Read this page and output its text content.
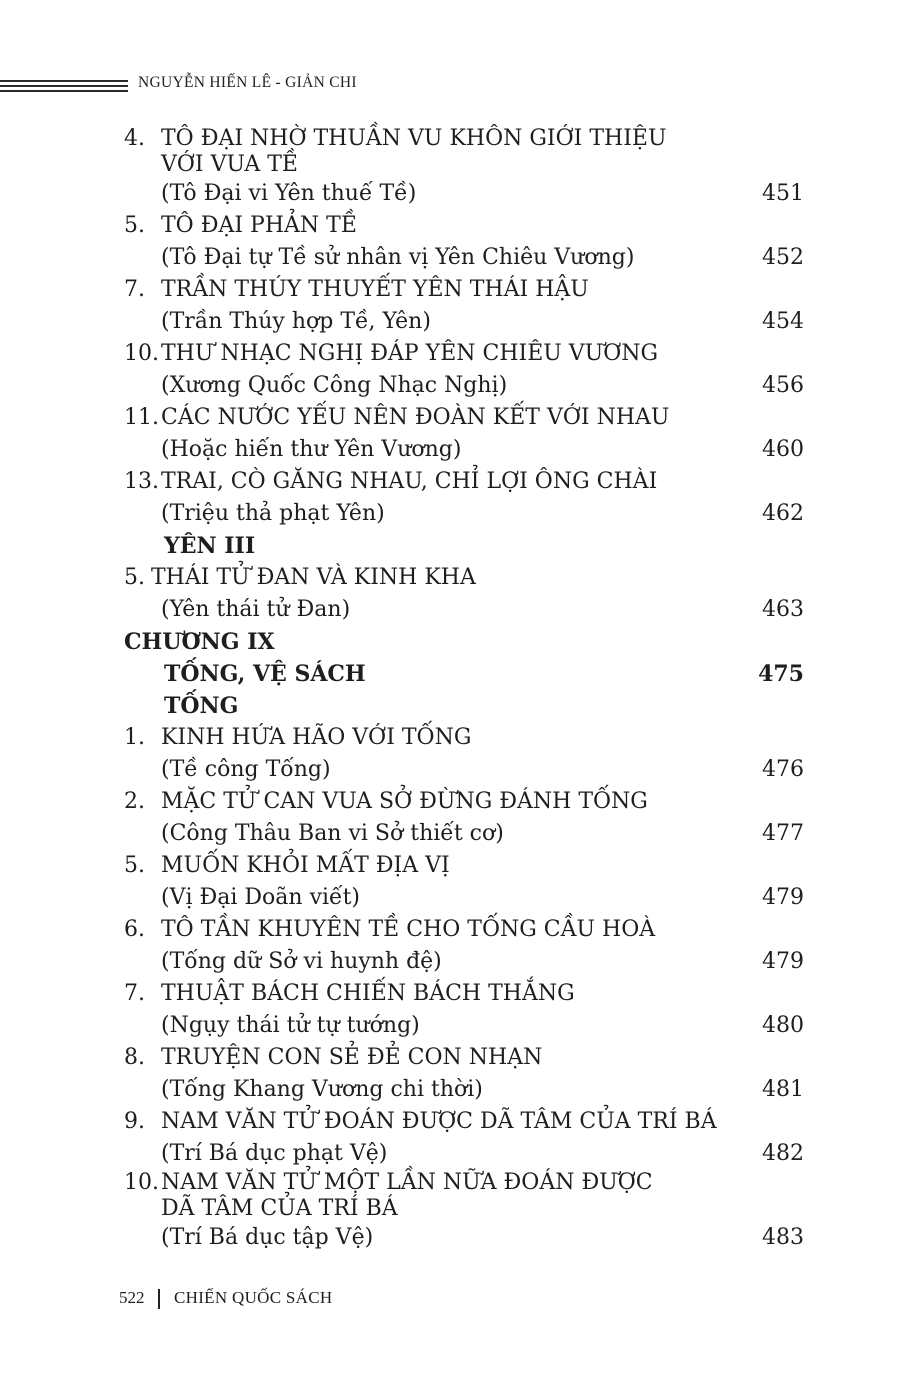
NGUYỄN HIẾN LÊ - GIẢN CHI
4. TÔ ĐẠI NHỜ THUẦN VU KHÔN GIỚI THIỆU
VỚI VUA TỀ
(Tô Đại vi Yên thuế Tề)	451
5. TÔ ĐẠI PHẢN TỀ
(Tô Đại tự Tề sử nhân vị Yên Chiêu Vương)	452
7. TRẦN THÚY THUYẾT YÊN THÁI HẬU
(Trần Thúy hợp Tề, Yên)	454
10. THƯ NHẠC NGHỊ ĐÁP YÊN CHIÊU VƯƠNG
(Xương Quốc Công Nhạc Nghị)	456
11. CÁC NƯỚC YẾU NÊN ĐOÀN KẾT VỚI NHAU
(Hoặc hiến thư Yên Vương)	460
13. TRAI, CÒ GĂNG NHAU, CHỈ LỢI ÔNG CHÀI
(Triệu thả phạt Yên)	462
YÊN III
5. THÁI TỬ ĐAN VÀ KINH KHA
(Yên thái tử Đan)	463
CHƯƠNG IX
TỐNG, VỆ SÁCH	475
TỐNG
1. KINH HỨA HÃO VỚI TỐNG
(Tề công Tống)	476
2. MẶC TỬ CAN VUA SỞ ĐỪNG ĐÁNH TỐNG
(Công Thâu Ban vi Sở thiết cơ)	477
5. MUỐN KHỎI MẤT ĐỊA VỊ
(Vị Đại Doãn viết)	479
6. TÔ TẦN KHUYÊN TỀ CHO TỐNG CẦU HOÀ
(Tống dữ Sở vi huynh đệ)	479
7. THUẬT BÁCH CHIẾN BÁCH THẮNG
(Ngụy thái tử tự tướng)	480
8. TRUYỆN CON SẺ ĐẺ CON NHẠN
(Tống Khang Vương chi thời)	481
9. NAM VĂN TỬ ĐOÁN ĐƯỢC DÃ TÂM CỦA TRÍ BÁ
(Trí Bá dục phạt Vệ)	482
10. NAM VĂN TỬ MỘT LẦN NỮA ĐOÁN ĐƯỢC
DÃ TÂM CỦA TRÍ BÁ
(Trí Bá dục tập Vệ)	483
522 CHIẾN QUỐC SÁCH
